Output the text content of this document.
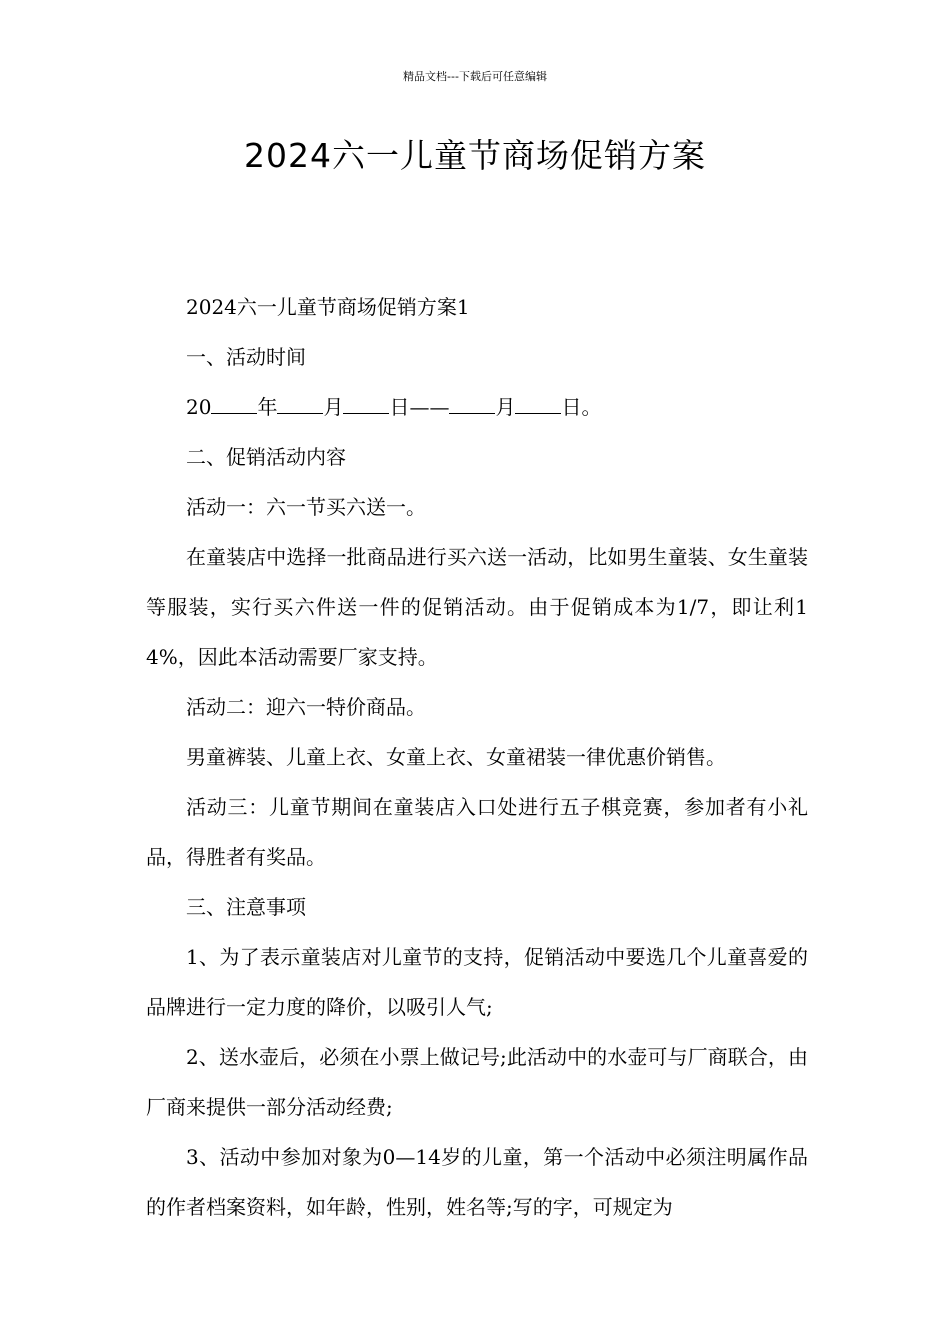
精品文档---下载后可任意编辑
2024六一儿童节商场促销方案

2024六一儿童节商场促销方案1

一、活动时间

20 年 月 日—— 月 日。

二、促销活动内容

活动一：六一节买六送一。

在童装店中选择一批商品进行买六送一活动，比如男生童装、女生童装等服装，实行买六件送一件的促销活动。由于促销成本为1/7，即让利14%，因此本活动需要厂家支持。

活动二：迎六一特价商品。

男童裤装、儿童上衣、女童上衣、女童裙装一律优惠价销售。

活动三：儿童节期间在童装店入口处进行五子棋竞赛，参加者有小礼品，得胜者有奖品。

三、注意事项

1、为了表示童装店对儿童节的支持，促销活动中要选几个儿童喜爱的品牌进行一定力度的降价，以吸引人气;

2、送水壶后，必须在小票上做记号;此活动中的水壶可与厂商联合，由厂商来提供一部分活动经费;

3、活动中参加对象为0—14岁的儿童，第一个活动中必须注明属作品的作者档案资料，如年龄，性别，姓名等;写的字，可规定为
